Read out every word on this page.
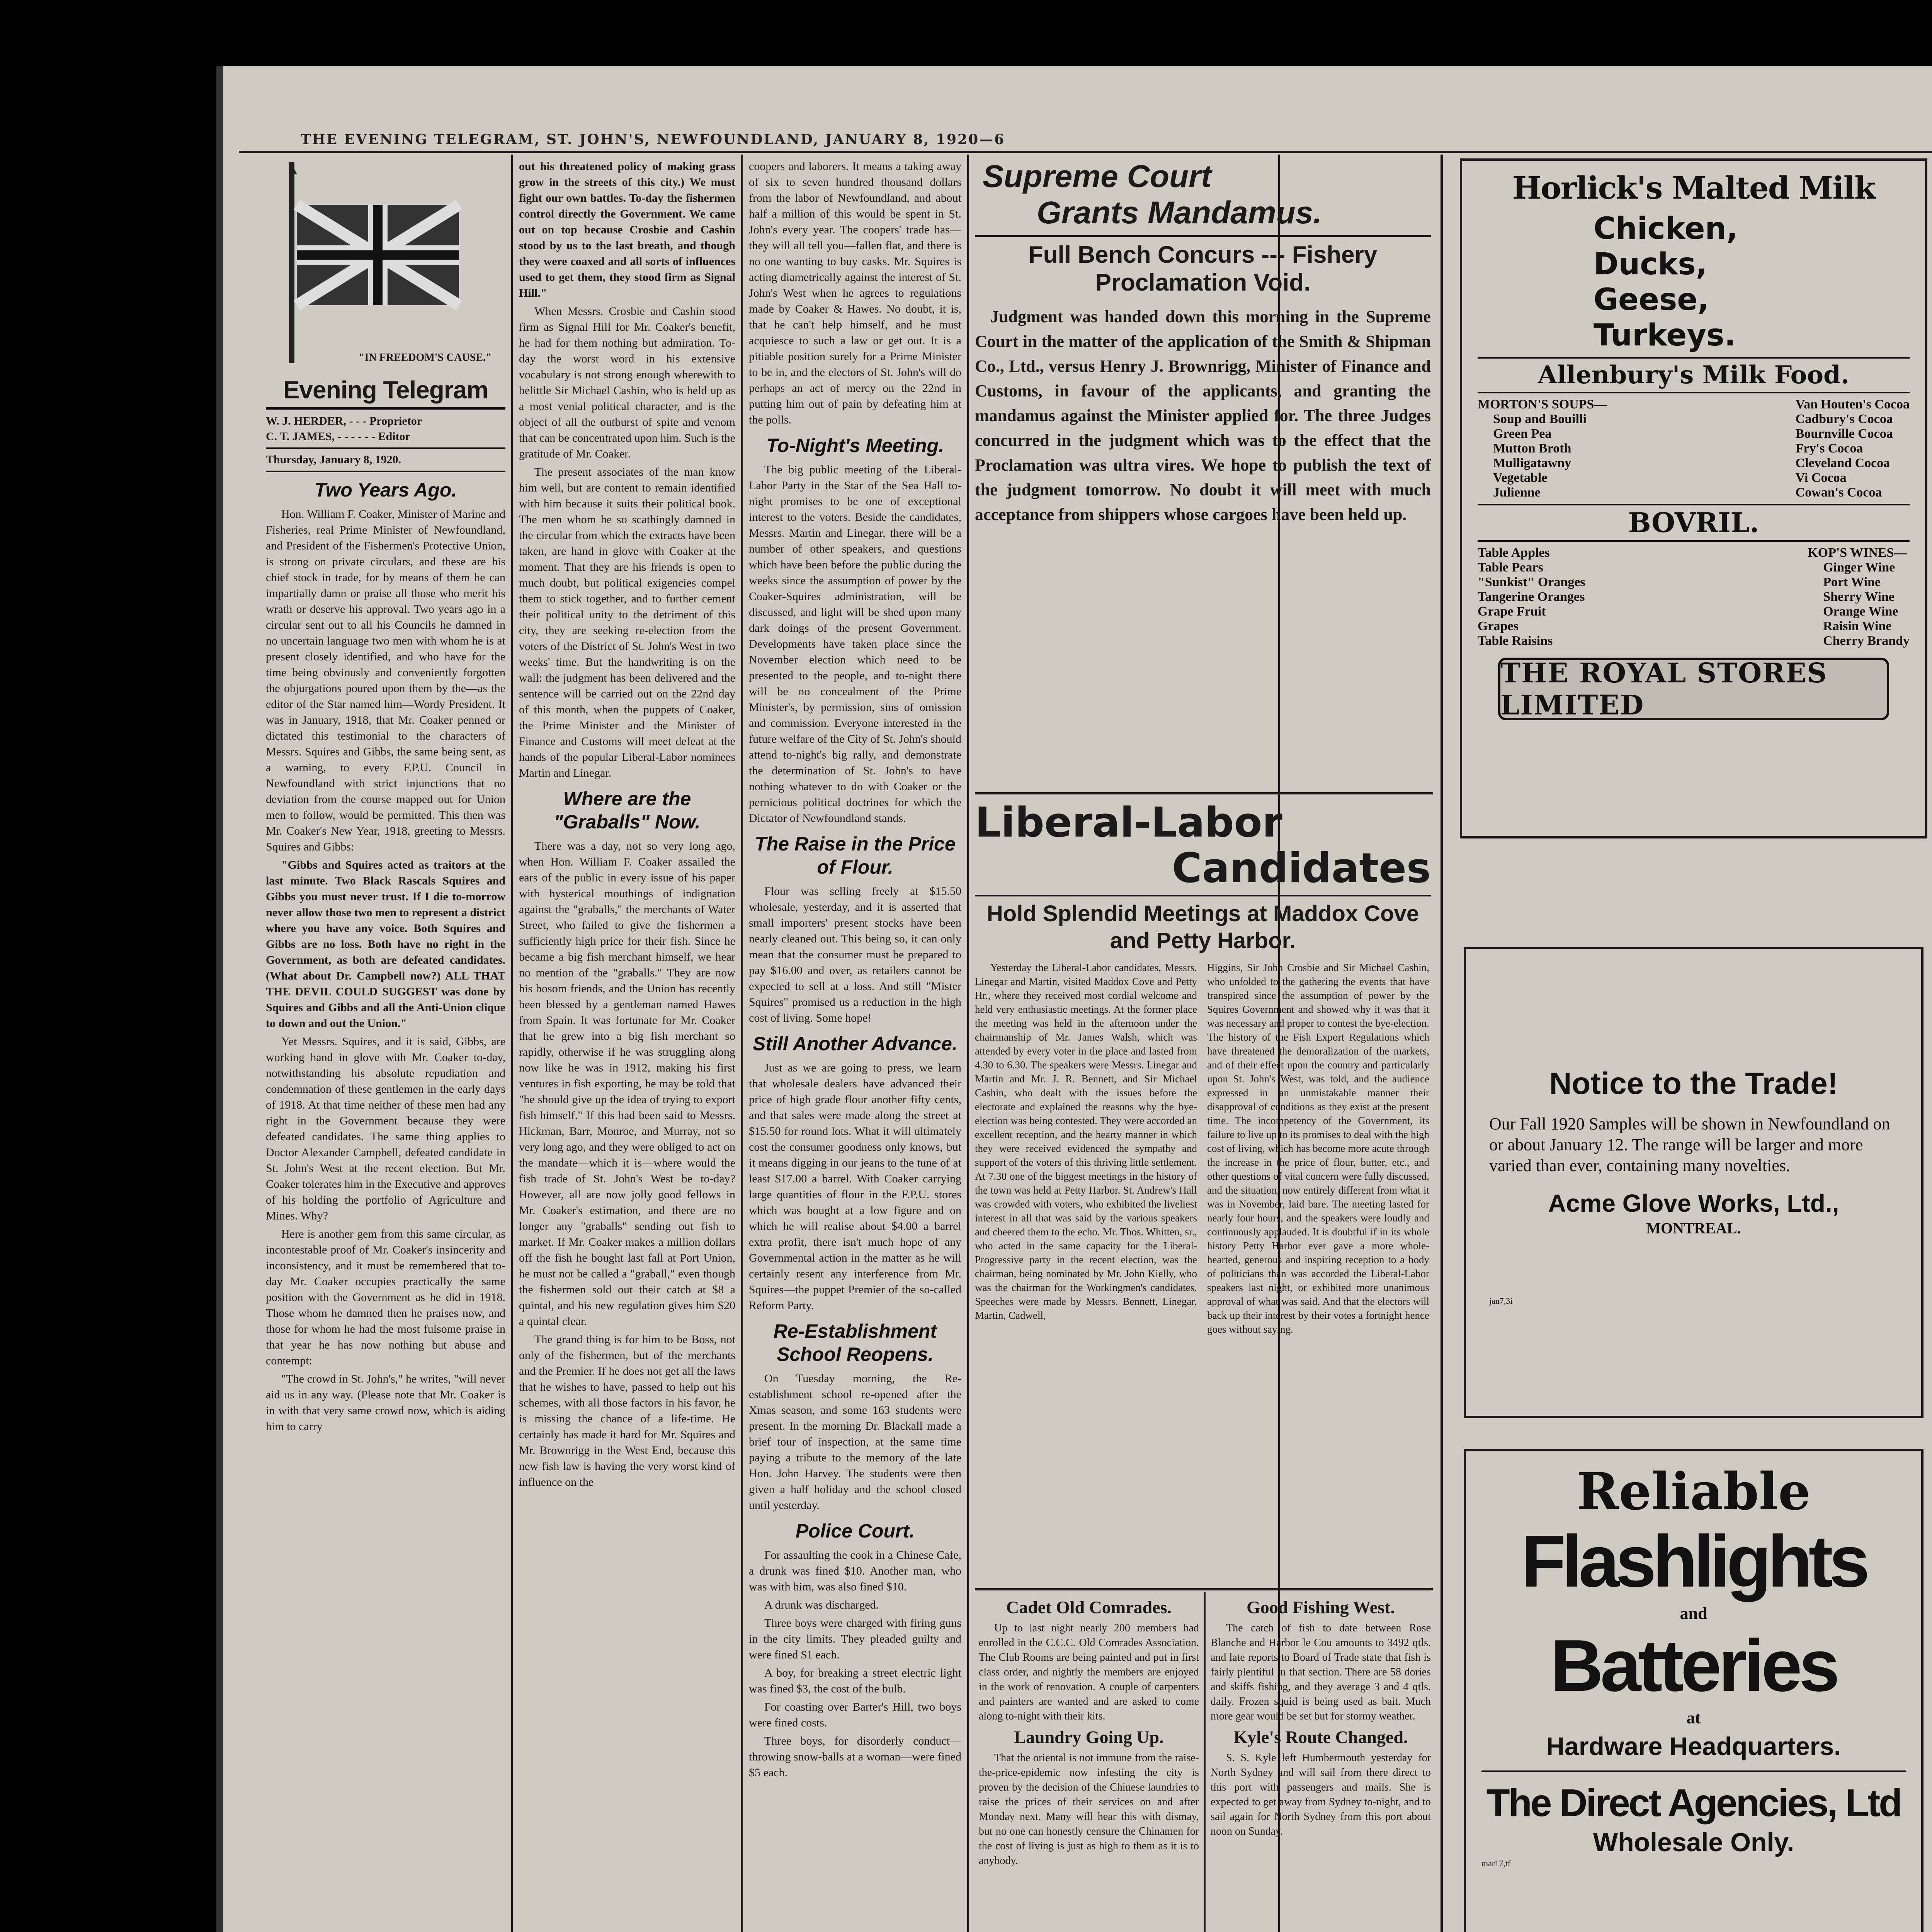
THE EVENING TELEGRAM, ST. JOHN'S, NEWFOUNDLAND, JANUARY 8, 1920—6
"IN FREEDOM'S CAUSE."
Evening Telegram
W. J. HERDER, - - - Proprietor
C. T. JAMES, - - - - - - Editor
Thursday, January 8, 1920.
Two Years Ago.

Hon. William F. Coaker, Minister of Marine and Fisheries, real Prime Minister of Newfoundland, and President of the Fishermen's Protective Union, is strong on private circulars, and these are his chief stock in trade, for by means of them he can impartially damn or praise all those who merit his wrath or deserve his approval. Two years ago in a circular sent out to all his Councils he damned in no uncertain language two men with whom he is at present closely identified, and who have for the time being obviously and conveniently forgotten the objurgations poured upon them by the—as the editor of the Star named him—Wordy President. It was in January, 1918, that Mr. Coaker penned or dictated this testimonial to the characters of Messrs. Squires and Gibbs, the same being sent, as a warning, to every F.P.U. Council in Newfoundland with strict injunctions that no deviation from the course mapped out for Union men to follow, would be permitted. This then was Mr. Coaker's New Year, 1918, greeting to Messrs. Squires and Gibbs:

"Gibbs and Squires acted as traitors at the last minute. Two Black Rascals Squires and Gibbs you must never trust. If I die to-morrow never allow those two men to represent a district where you have any voice. Both Squires and Gibbs are no loss. Both have no right in the Government, as both are defeated candidates. (What about Dr. Campbell now?) ALL THAT THE DEVIL COULD SUGGEST was done by Squires and Gibbs and all the Anti-Union clique to down and out the Union."

Yet Messrs. Squires, and it is said, Gibbs, are working hand in glove with Mr. Coaker to-day, notwithstanding his absolute repudiation and condemnation of these gentlemen in the early days of 1918. At that time neither of these men had any right in the Government because they were defeated candidates. The same thing applies to Doctor Alexander Campbell, defeated candidate in St. John's West at the recent election. But Mr. Coaker tolerates him in the Executive and approves of his holding the portfolio of Agriculture and Mines. Why?

Here is another gem from this same circular, as incontestable proof of Mr. Coaker's insincerity and inconsistency, and it must be remembered that to-day Mr. Coaker occupies practically the same position with the Government as he did in 1918. Those whom he damned then he praises now, and those for whom he had the most fulsome praise in that year he has now nothing but abuse and contempt:

"The crowd in St. John's," he writes, "will never aid us in any way. (Please note that Mr. Coaker is in with that very same crowd now, which is aiding him to carry

out his threatened policy of making grass grow in the streets of this city.) We must fight our own battles. To-day the fishermen control directly the Government. We came out on top because Crosbie and Cashin stood by us to the last breath, and though they were coaxed and all sorts of influences used to get them, they stood firm as Signal Hill."

When Messrs. Crosbie and Cashin stood firm as Signal Hill for Mr. Coaker's benefit, he had for them nothing but admiration. To-day the worst word in his extensive vocabulary is not strong enough wherewith to belittle Sir Michael Cashin, who is held up as a most venial political character, and is the object of all the outburst of spite and venom that can be concentrated upon him. Such is the gratitude of Mr. Coaker.

The present associates of the man know him well, but are content to remain identified with him because it suits their political book. The men whom he so scathingly damned in the circular from which the extracts have been taken, are hand in glove with Coaker at the moment. That they are his friends is open to much doubt, but political exigencies compel them to stick together, and to further cement their political unity to the detriment of this city, they are seeking re-election from the voters of the District of St. John's West in two weeks' time. But the handwriting is on the wall: the judgment has been delivered and the sentence will be carried out on the 22nd day of this month, when the puppets of Coaker, the Prime Minister and the Minister of Finance and Customs will meet defeat at the hands of the popular Liberal-Labor nominees Martin and Linegar.

Where are the "Graballs" Now.

There was a day, not so very long ago, when Hon. William F. Coaker assailed the ears of the public in every issue of his paper with hysterical mouthings of indignation against the "graballs," the merchants of Water Street, who failed to give the fishermen a sufficiently high price for their fish. Since he became a big fish merchant himself, we hear no mention of the "graballs." They are now his bosom friends, and the Union has recently been blessed by a gentleman named Hawes from Spain. It was fortunate for Mr. Coaker that he grew into a big fish merchant so rapidly, otherwise if he was struggling along now like he was in 1912, making his first ventures in fish exporting, he may be told that "he should give up the idea of trying to export fish himself." If this had been said to Messrs. Hickman, Barr, Monroe, and Murray, not so very long ago, and they were obliged to act on the mandate—which it is—where would the fish trade of St. John's West be to-day? However, all are now jolly good fellows in Mr. Coaker's estimation, and there are no longer any "graballs" sending out fish to market. If Mr. Coaker makes a million dollars off the fish he bought last fall at Port Union, he must not be called a "graball," even though the fishermen sold out their catch at $8 a quintal, and his new regulation gives him $20 a quintal clear.

The grand thing is for him to be Boss, not only of the fishermen, but of the merchants and the Premier. If he does not get all the laws that he wishes to have, passed to help out his schemes, with all those factors in his favor, he is missing the chance of a life-time. He certainly has made it hard for Mr. Squires and Mr. Brownrigg in the West End, because this new fish law is having the very worst kind of influence on the

coopers and laborers. It means a taking away of six to seven hundred thousand dollars from the labor of Newfoundland, and about half a million of this would be spent in St. John's every year. The coopers' trade has—they will all tell you—fallen flat, and there is no one wanting to buy casks. Mr. Squires is acting diametrically against the interest of St. John's West when he agrees to regulations made by Coaker & Hawes. No doubt, it is, that he can't help himself, and he must acquiesce to such a law or get out. It is a pitiable position surely for a Prime Minister to be in, and the electors of St. John's will do perhaps an act of mercy on the 22nd in putting him out of pain by defeating him at the polls.

To-Night's Meeting.

The big public meeting of the Liberal-Labor Party in the Star of the Sea Hall to-night promises to be one of exceptional interest to the voters. Beside the candidates, Messrs. Martin and Linegar, there will be a number of other speakers, and questions which have been before the public during the weeks since the assumption of power by the Coaker-Squires administration, will be discussed, and light will be shed upon many dark doings of the present Government. Developments have taken place since the November election which need to be presented to the people, and to-night there will be no concealment of the Prime Minister's, by permission, sins of omission and commission. Everyone interested in the future welfare of the City of St. John's should attend to-night's big rally, and demonstrate the determination of St. John's to have nothing whatever to do with Coaker or the pernicious political doctrines for which the Dictator of Newfoundland stands.

The Raise in the Price of Flour.

Flour was selling freely at $15.50 wholesale, yesterday, and it is asserted that small importers' present stocks have been nearly cleaned out. This being so, it can only mean that the consumer must be prepared to pay $16.00 and over, as retailers cannot be expected to sell at a loss. And still "Mister Squires" promised us a reduction in the high cost of living. Some hope!

Still Another Advance.

Just as we are going to press, we learn that wholesale dealers have advanced their price of high grade flour another fifty cents, and that sales were made along the street at $15.50 for round lots. What it will ultimately cost the consumer goodness only knows, but it means digging in our jeans to the tune of at least $17.00 a barrel. With Coaker carrying large quantities of flour in the F.P.U. stores which was bought at a low figure and on which he will realise about $4.00 a barrel extra profit, there isn't much hope of any Governmental action in the matter as he will certainly resent any interference from Mr. Squires—the puppet Premier of the so-called Reform Party.

Re-Establishment School Reopens.

On Tuesday morning, the Re-establishment school re-opened after the Xmas season, and some 163 students were present. In the morning Dr. Blackall made a brief tour of inspection, at the same time paying a tribute to the memory of the late Hon. John Harvey. The students were then given a half holiday and the school closed until yesterday.

Police Court.

For assaulting the cook in a Chinese Cafe, a drunk was fined $10. Another man, who was with him, was also fined $10.

A drunk was discharged.

Three boys were charged with firing guns in the city limits. They pleaded guilty and were fined $1 each.

A boy, for breaking a street electric light was fined $3, the cost of the bulb.

For coasting over Barter's Hill, two boys were fined costs.

Three boys, for disorderly conduct—throwing snow-balls at a woman—were fined $5 each.

Supreme Court
Grants Mandamus.
Full Bench Concurs --- Fishery Proclamation Void.

Judgment was handed down this morning in the Supreme Court in the matter of the application of the Smith & Shipman Co., Ltd., versus Henry J. Brownrigg, Minister of Finance and Customs, in favour of the applicants, and granting the mandamus against the Minister applied for. The three Judges concurred in the judgment which was to the effect that the Proclamation was ultra vires. We hope to publish the text of the judgment tomorrow. No doubt it will meet with much acceptance from shippers whose cargoes have been held up.

Liberal-Labor
Candidates
Hold Splendid Meetings at Maddox Cove and Petty Harbor.

Yesterday the Liberal-Labor candidates, Messrs. Linegar and Martin, visited Maddox Cove and Petty Hr., where they received most cordial welcome and held very enthusiastic meetings. At the former place the meeting was held in the afternoon under the chairmanship of Mr. James Walsh, which was attended by every voter in the place and lasted from 4.30 to 6.30. The speakers were Messrs. Linegar and Martin and Mr. J. R. Bennett, and Sir Michael Cashin, who dealt with the issues before the electorate and explained the reasons why the bye-election was being contested. They were accorded an excellent reception, and the hearty manner in which they were received evidenced the sympathy and support of the voters of this thriving little settlement. At 7.30 one of the biggest meetings in the history of the town was held at Petty Harbor. St. Andrew's Hall was crowded with voters, who exhibited the liveliest interest in all that was said by the various speakers and cheered them to the echo. Mr. Thos. Whitten, sr., who acted in the same capacity for the Liberal-Progressive party in the recent election, was the chairman, being nominated by Mr. John Kielly, who was the chairman for the Workingmen's candidates. Speeches were made by Messrs. Bennett, Linegar, Martin, Cadwell,

Higgins, Sir John Crosbie and Sir Michael Cashin, who unfolded to the gathering the events that have transpired since the assumption of power by the Squires Government and showed why it was that it was necessary and proper to contest the bye-election. The history of the Fish Export Regulations which have threatened the demoralization of the markets, and of their effect upon the country and particularly upon St. John's West, was told, and the audience expressed in an unmistakable manner their disapproval of conditions as they exist at the present time. The incompetency of the Government, its failure to live up to its promises to deal with the high cost of living, which has become more acute through the increase in the price of flour, butter, etc., and other questions of vital concern were fully discussed, and the situation, now entirely different from what it was in November, laid bare. The meeting lasted for nearly four hours, and the speakers were loudly and continuously applauded. It is doubtful if in its whole history Petty Harbor ever gave a more whole-hearted, generous and inspiring reception to a body of politicians than was accorded the Liberal-Labor speakers last night, or exhibited more unanimous approval of what was said. And that the electors will back up their interest by their votes a fortnight hence goes without saying.

Cadet Old Comrades.

Up to last night nearly 200 members had enrolled in the C.C.C. Old Comrades Association. The Club Rooms are being painted and put in first class order, and nightly the members are enjoyed in the work of renovation. A couple of carpenters and painters are wanted and are asked to come along to-night with their kits.

Laundry Going Up.

That the oriental is not immune from the raise-the-price-epidemic now infesting the city is proven by the decision of the Chinese laundries to raise the prices of their services on and after Monday next. Many will hear this with dismay, but no one can honestly censure the Chinamen for the cost of living is just as high to them as it is to anybody.

Good Fishing West.

The catch of fish to date between Rose Blanche and Harbor le Cou amounts to 3492 qtls. and late reports to Board of Trade state that fish is fairly plentiful in that section. There are 58 dories and skiffs fishing, and they average 3 and 4 qtls. daily. Frozen squid is being used as bait. Much more gear would be set but for stormy weather.

Kyle's Route Changed.

S. S. Kyle left Humbermouth yesterday for North Sydney and will sail from there direct to this port with passengers and mails. She is expected to get away from Sydney to-night, and to sail again for North Sydney from this port about noon on Sunday.

Horlick's Malted Milk
Chicken,
Ducks,
Geese,
Turkeys.
Allenbury's Milk Food.
MORTON'S SOUPS—
Soup and Bouilli
Green Pea
Mutton Broth
Mulligatawny
Vegetable
Julienne
Van Houten's Cocoa
Cadbury's Cocoa
Bournville Cocoa
Fry's Cocoa
Cleveland Cocoa
Vi Cocoa
Cowan's Cocoa
BOVRIL.
Table Apples
Table Pears
"Sunkist" Oranges
Tangerine Oranges
Grape Fruit
Grapes
Table Raisins
KOP'S WINES—
Ginger Wine
Port Wine
Sherry Wine
Orange Wine
Raisin Wine
Cherry Brandy
THE ROYAL STORES LIMITED
Notice to the Trade!

Our Fall 1920 Samples will be shown in Newfoundland on or about January 12. The range will be larger and more varied than ever, containing many novelties.

Acme Glove Works, Ltd.,
MONTREAL.
jan7,3i
Reliable
Flashlights
and
Batteries
at
Hardware Headquarters.
The Direct Agencies, Ltd
Wholesale Only.
mar17,tf
